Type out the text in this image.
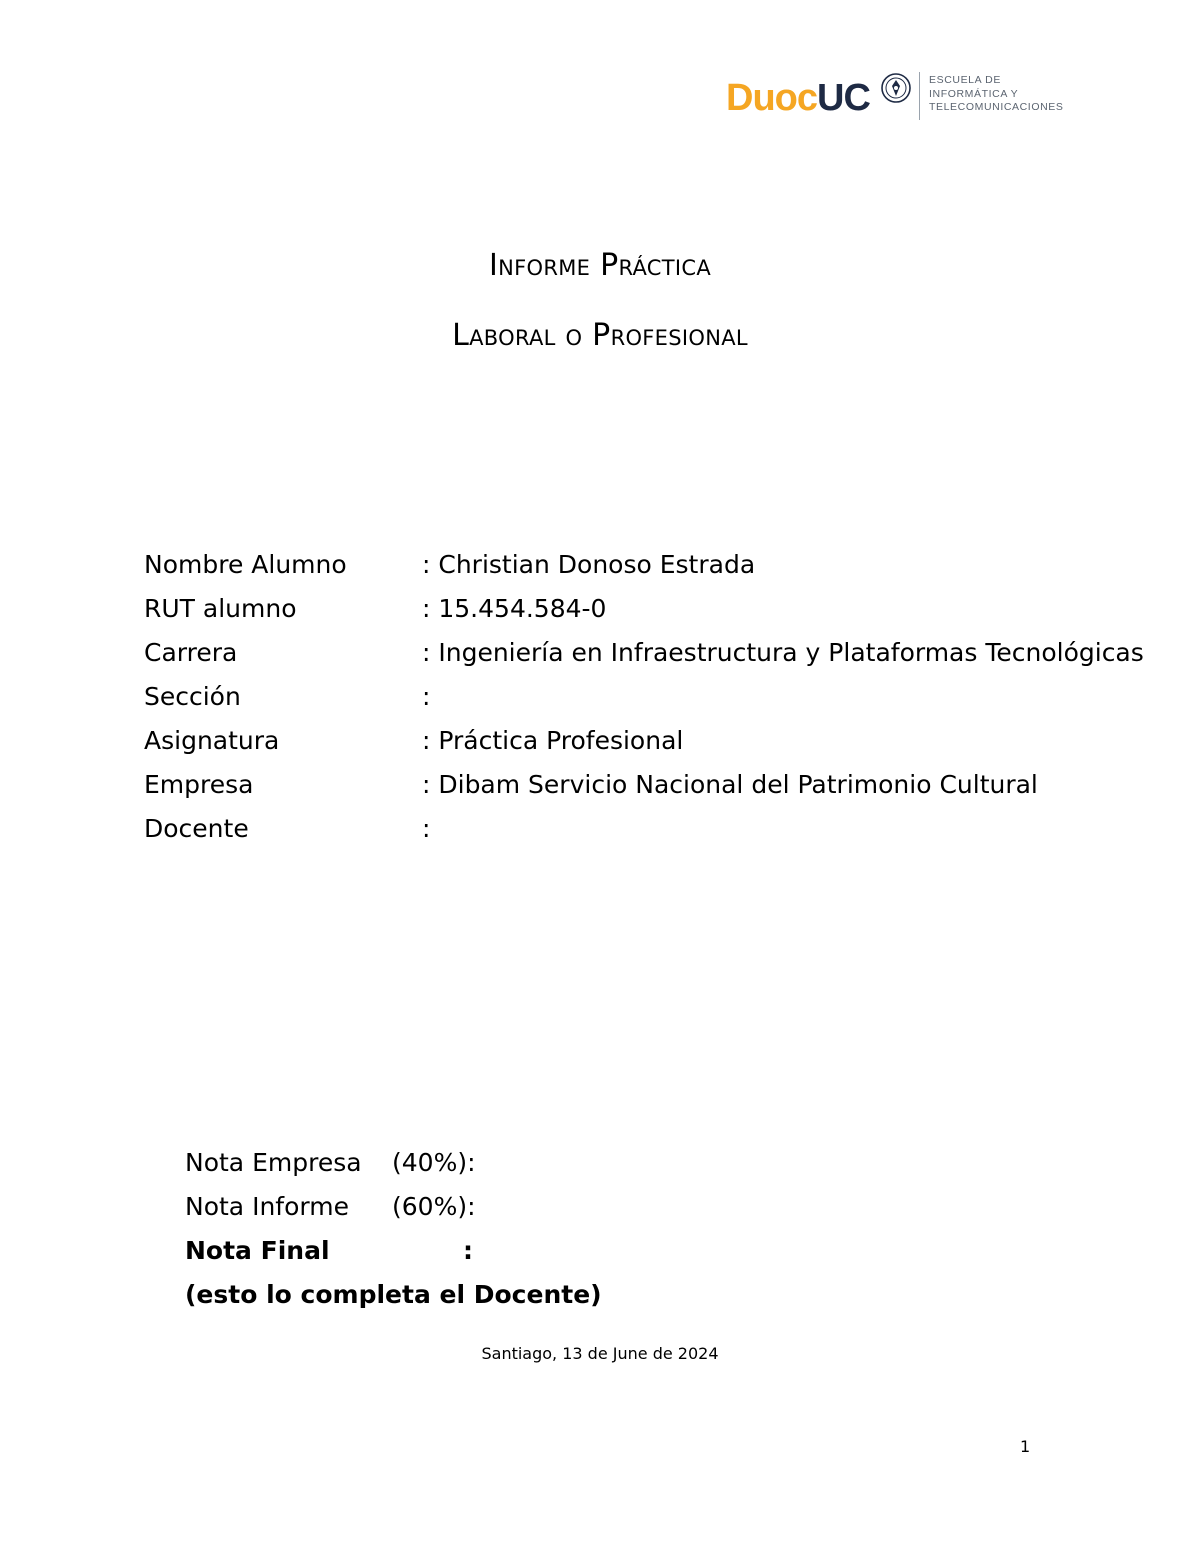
DuocUC	ESCUELA DE
INFORMÁTICA Y
TELECOMUNICACIONES
Informe Práctica
Laboral o Profesional
Nombre Alumno	: Christian Donoso Estrada
RUT alumno	: 15.454.584-0
Carrera	: Ingeniería en Infraestructura y Plataformas Tecnológicas
Sección	:
Asignatura	: Práctica Profesional
Empresa	: Dibam Servicio Nacional del Patrimonio Cultural
Docente	:
Nota Empresa (40%):
Nota Informe (60%):
Nota Final	:
(esto lo completa el Docente)
Santiago, 13 de June de 2024
1
